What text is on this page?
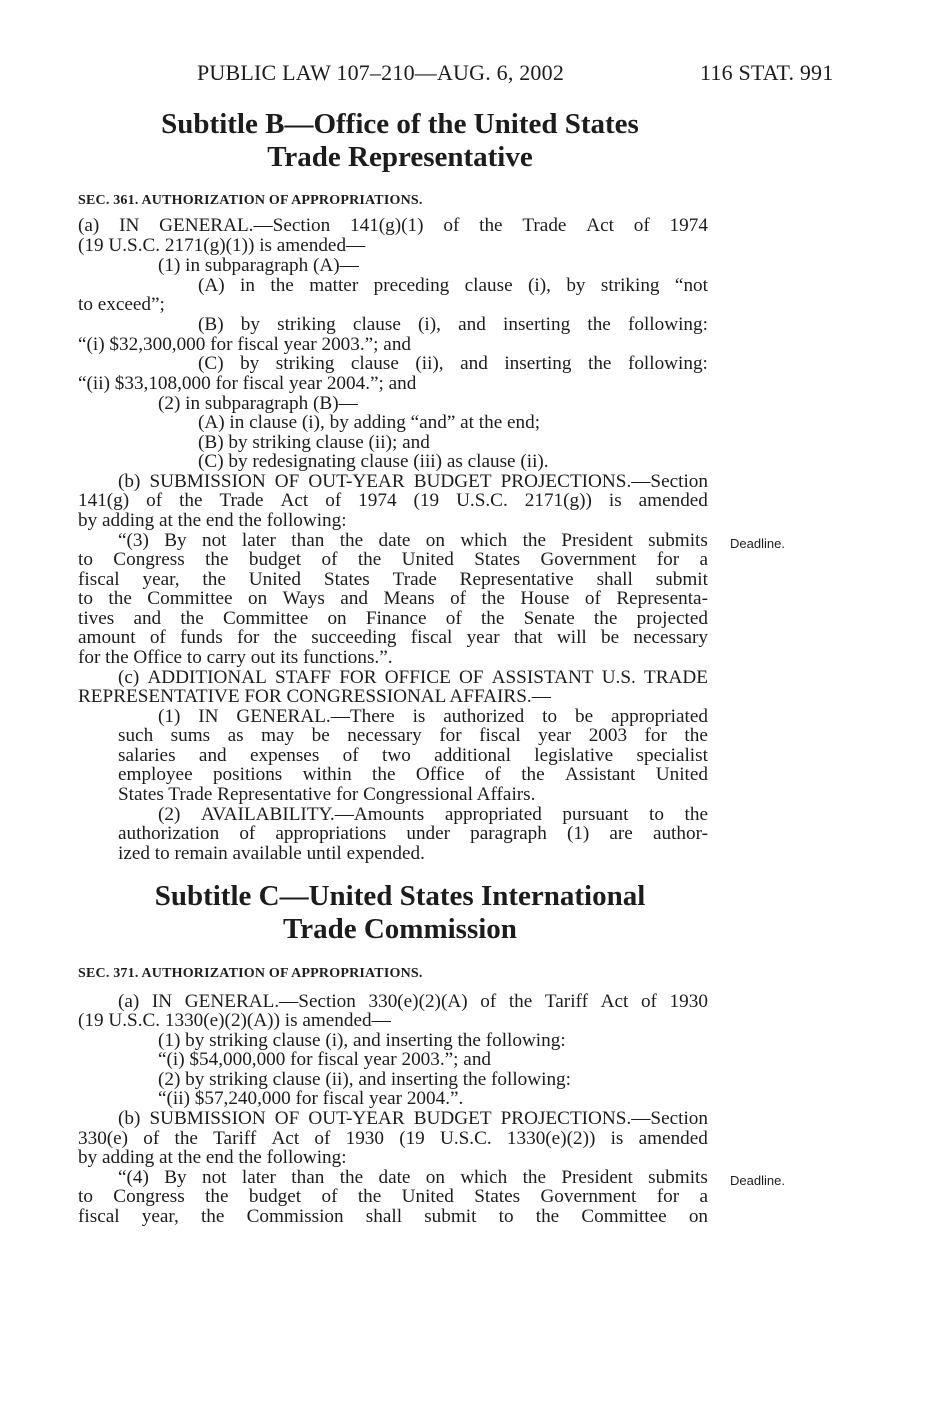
PUBLIC LAW 107–210—AUG. 6, 2002	116 STAT. 991
Subtitle B—Office of the United States
Trade Representative
SEC. 361. AUTHORIZATION OF APPROPRIATIONS.
(a) IN GENERAL.—Section 141(g)(1) of the Trade Act of 1974
(19 U.S.C. 2171(g)(1)) is amended—
(1) in subparagraph (A)—
(A) in the matter preceding clause (i), by striking “not
to exceed”;
(B) by striking clause (i), and inserting the following:
“(i) $32,300,000 for fiscal year 2003.”; and
(C) by striking clause (ii), and inserting the following:
“(ii) $33,108,000 for fiscal year 2004.”; and
(2) in subparagraph (B)—
(A) in clause (i), by adding “and” at the end;
(B) by striking clause (ii); and
(C) by redesignating clause (iii) as clause (ii).
(b) SUBMISSION OF OUT-YEAR BUDGET PROJECTIONS.—Section
141(g) of the Trade Act of 1974 (19 U.S.C. 2171(g)) is amended
by adding at the end the following:
“(3) By not later than the date on which the President submits
to Congress the budget of the United States Government for a
fiscal year, the United States Trade Representative shall submit
to the Committee on Ways and Means of the House of Representa-
tives and the Committee on Finance of the Senate the projected
amount of funds for the succeeding fiscal year that will be necessary
for the Office to carry out its functions.”.
(c) ADDITIONAL STAFF FOR OFFICE OF ASSISTANT U.S. TRADE
REPRESENTATIVE FOR CONGRESSIONAL AFFAIRS.—
(1) IN GENERAL.—There is authorized to be appropriated
such sums as may be necessary for fiscal year 2003 for the
salaries and expenses of two additional legislative specialist
employee positions within the Office of the Assistant United
States Trade Representative for Congressional Affairs.
(2) AVAILABILITY.—Amounts appropriated pursuant to the
authorization of appropriations under paragraph (1) are author-
ized to remain available until expended.
Deadline.
Subtitle C—United States International
Trade Commission
SEC. 371. AUTHORIZATION OF APPROPRIATIONS.
(a) IN GENERAL.—Section 330(e)(2)(A) of the Tariff Act of 1930
(19 U.S.C. 1330(e)(2)(A)) is amended—
(1) by striking clause (i), and inserting the following:
“(i) $54,000,000 for fiscal year 2003.”; and
(2) by striking clause (ii), and inserting the following:
“(ii) $57,240,000 for fiscal year 2004.”.
(b) SUBMISSION OF OUT-YEAR BUDGET PROJECTIONS.—Section
330(e) of the Tariff Act of 1930 (19 U.S.C. 1330(e)(2)) is amended
by adding at the end the following:
“(4) By not later than the date on which the President submits
to Congress the budget of the United States Government for a
fiscal year, the Commission shall submit to the Committee on
Deadline.
